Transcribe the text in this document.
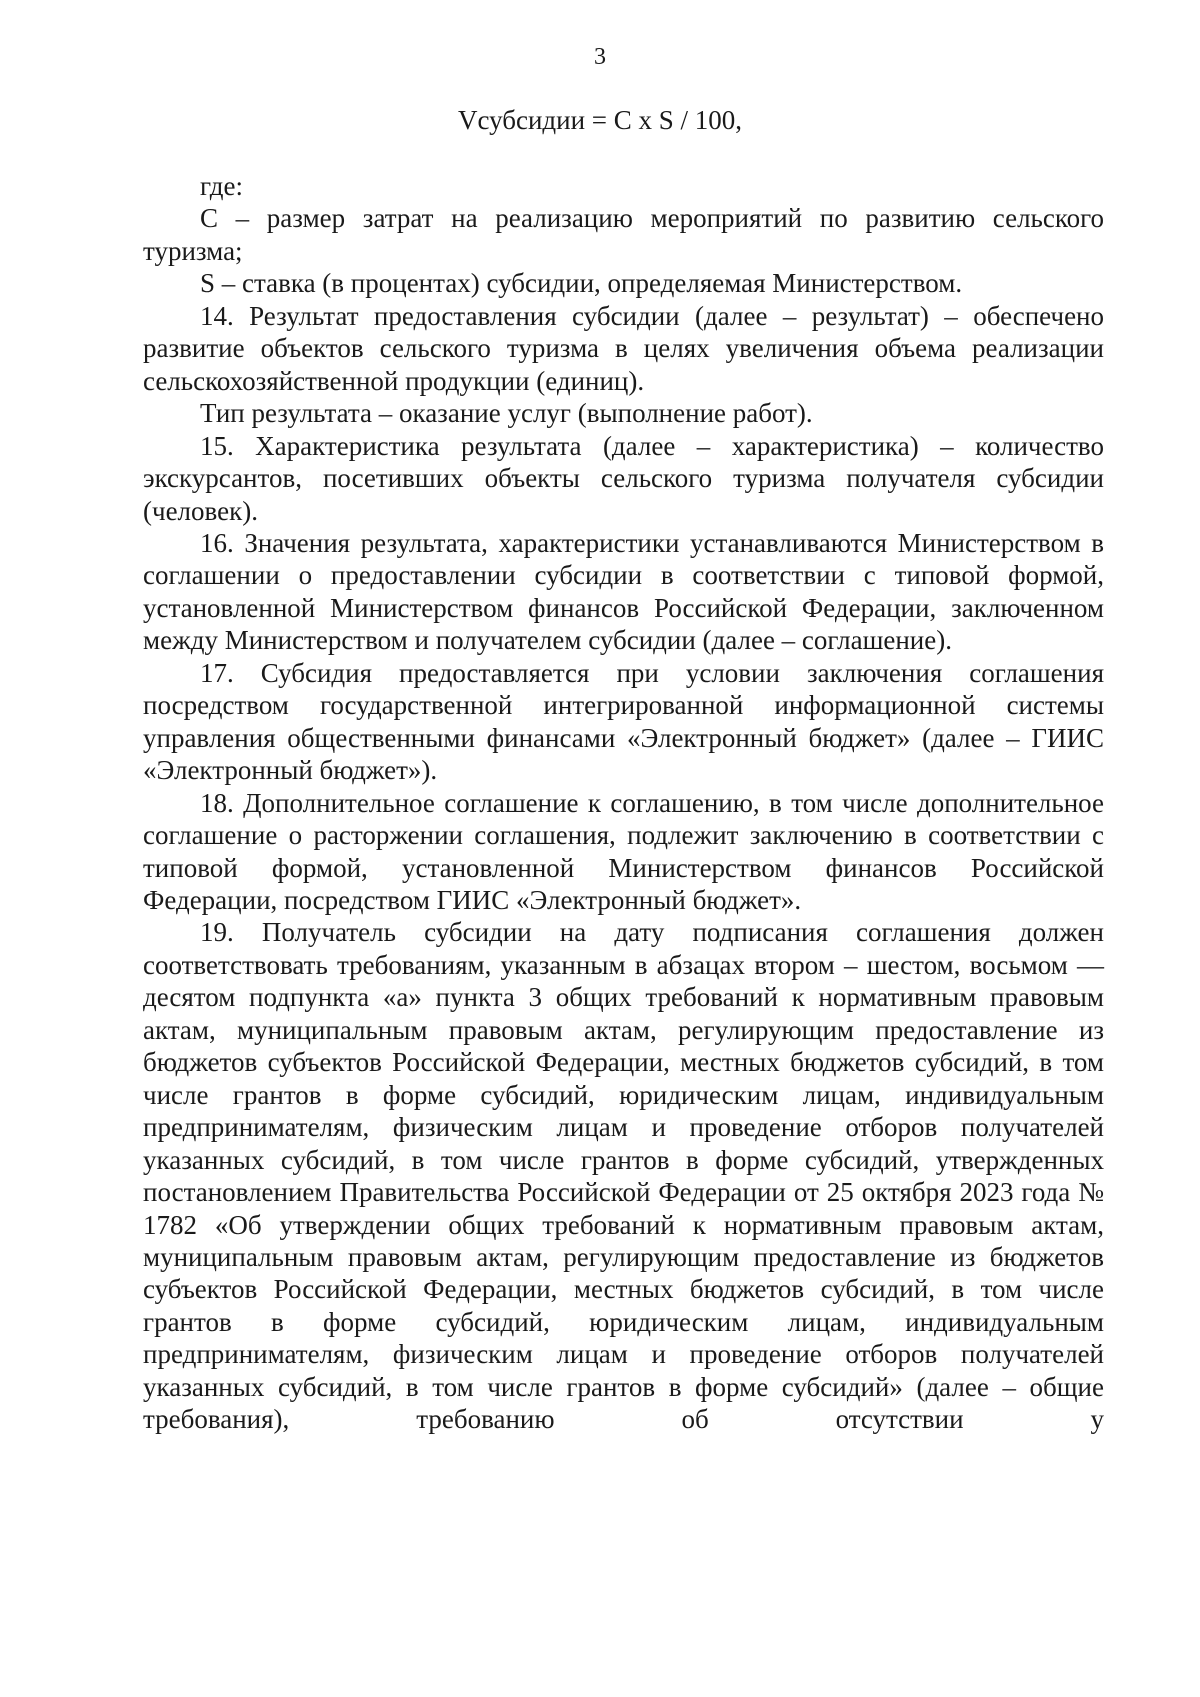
3
Vсубсидии = C x S / 100,

где:

C – размер затрат на реализацию мероприятий по развитию сельского туризма;

S – ставка (в процентах) субсидии, определяемая Министерством.

14. Результат предоставления субсидии (далее – результат) – обеспечено развитие объектов сельского туризма в целях увеличения объема реализации сельскохозяйственной продукции (единиц).

Тип результата – оказание услуг (выполнение работ).

15. Характеристика результата (далее – характеристика) – количество экскурсантов, посетивших объекты сельского туризма получателя субсидии (человек).

16. Значения результата, характеристики устанавливаются Министерством в соглашении о предоставлении субсидии в соответствии с типовой формой, установленной Министерством финансов Российской Федерации, заключенном между Министерством и получателем субсидии (далее – соглашение).

17. Субсидия предоставляется при условии заключения соглашения посредством государственной интегрированной информационной системы управления общественными финансами «Электронный бюджет» (далее – ГИИС «Электронный бюджет»).

18. Дополнительное соглашение к соглашению, в том числе дополнительное соглашение о расторжении соглашения, подлежит заключению в соответствии с типовой формой, установленной Министерством финансов Российской Федерации, посредством ГИИС «Электронный бюджет».

19. Получатель субсидии на дату подписания соглашения должен соответствовать требованиям, указанным в абзацах втором – шестом, восьмом — десятом подпункта «а» пункта 3 общих требований к нормативным правовым актам, муниципальным правовым актам, регулирующим предоставление из бюджетов субъектов Российской Федерации, местных бюджетов субсидий, в том числе грантов в форме субсидий, юридическим лицам, индивидуальным предпринимателям, физическим лицам и проведение отборов получателей указанных субсидий, в том числе грантов в форме субсидий, утвержденных постановлением Правительства Российской Федерации от 25 октября 2023 года № 1782 «Об утверждении общих требований к нормативным правовым актам, муниципальным правовым актам, регулирующим предоставление из бюджетов субъектов Российской Федерации, местных бюджетов субсидий, в том числе грантов в форме субсидий, юридическим лицам, индивидуальным предпринимателям, физическим лицам и проведение отборов получателей указанных субсидий, в том числе грантов в форме субсидий» (далее – общие требования), требованию об отсутствии у
